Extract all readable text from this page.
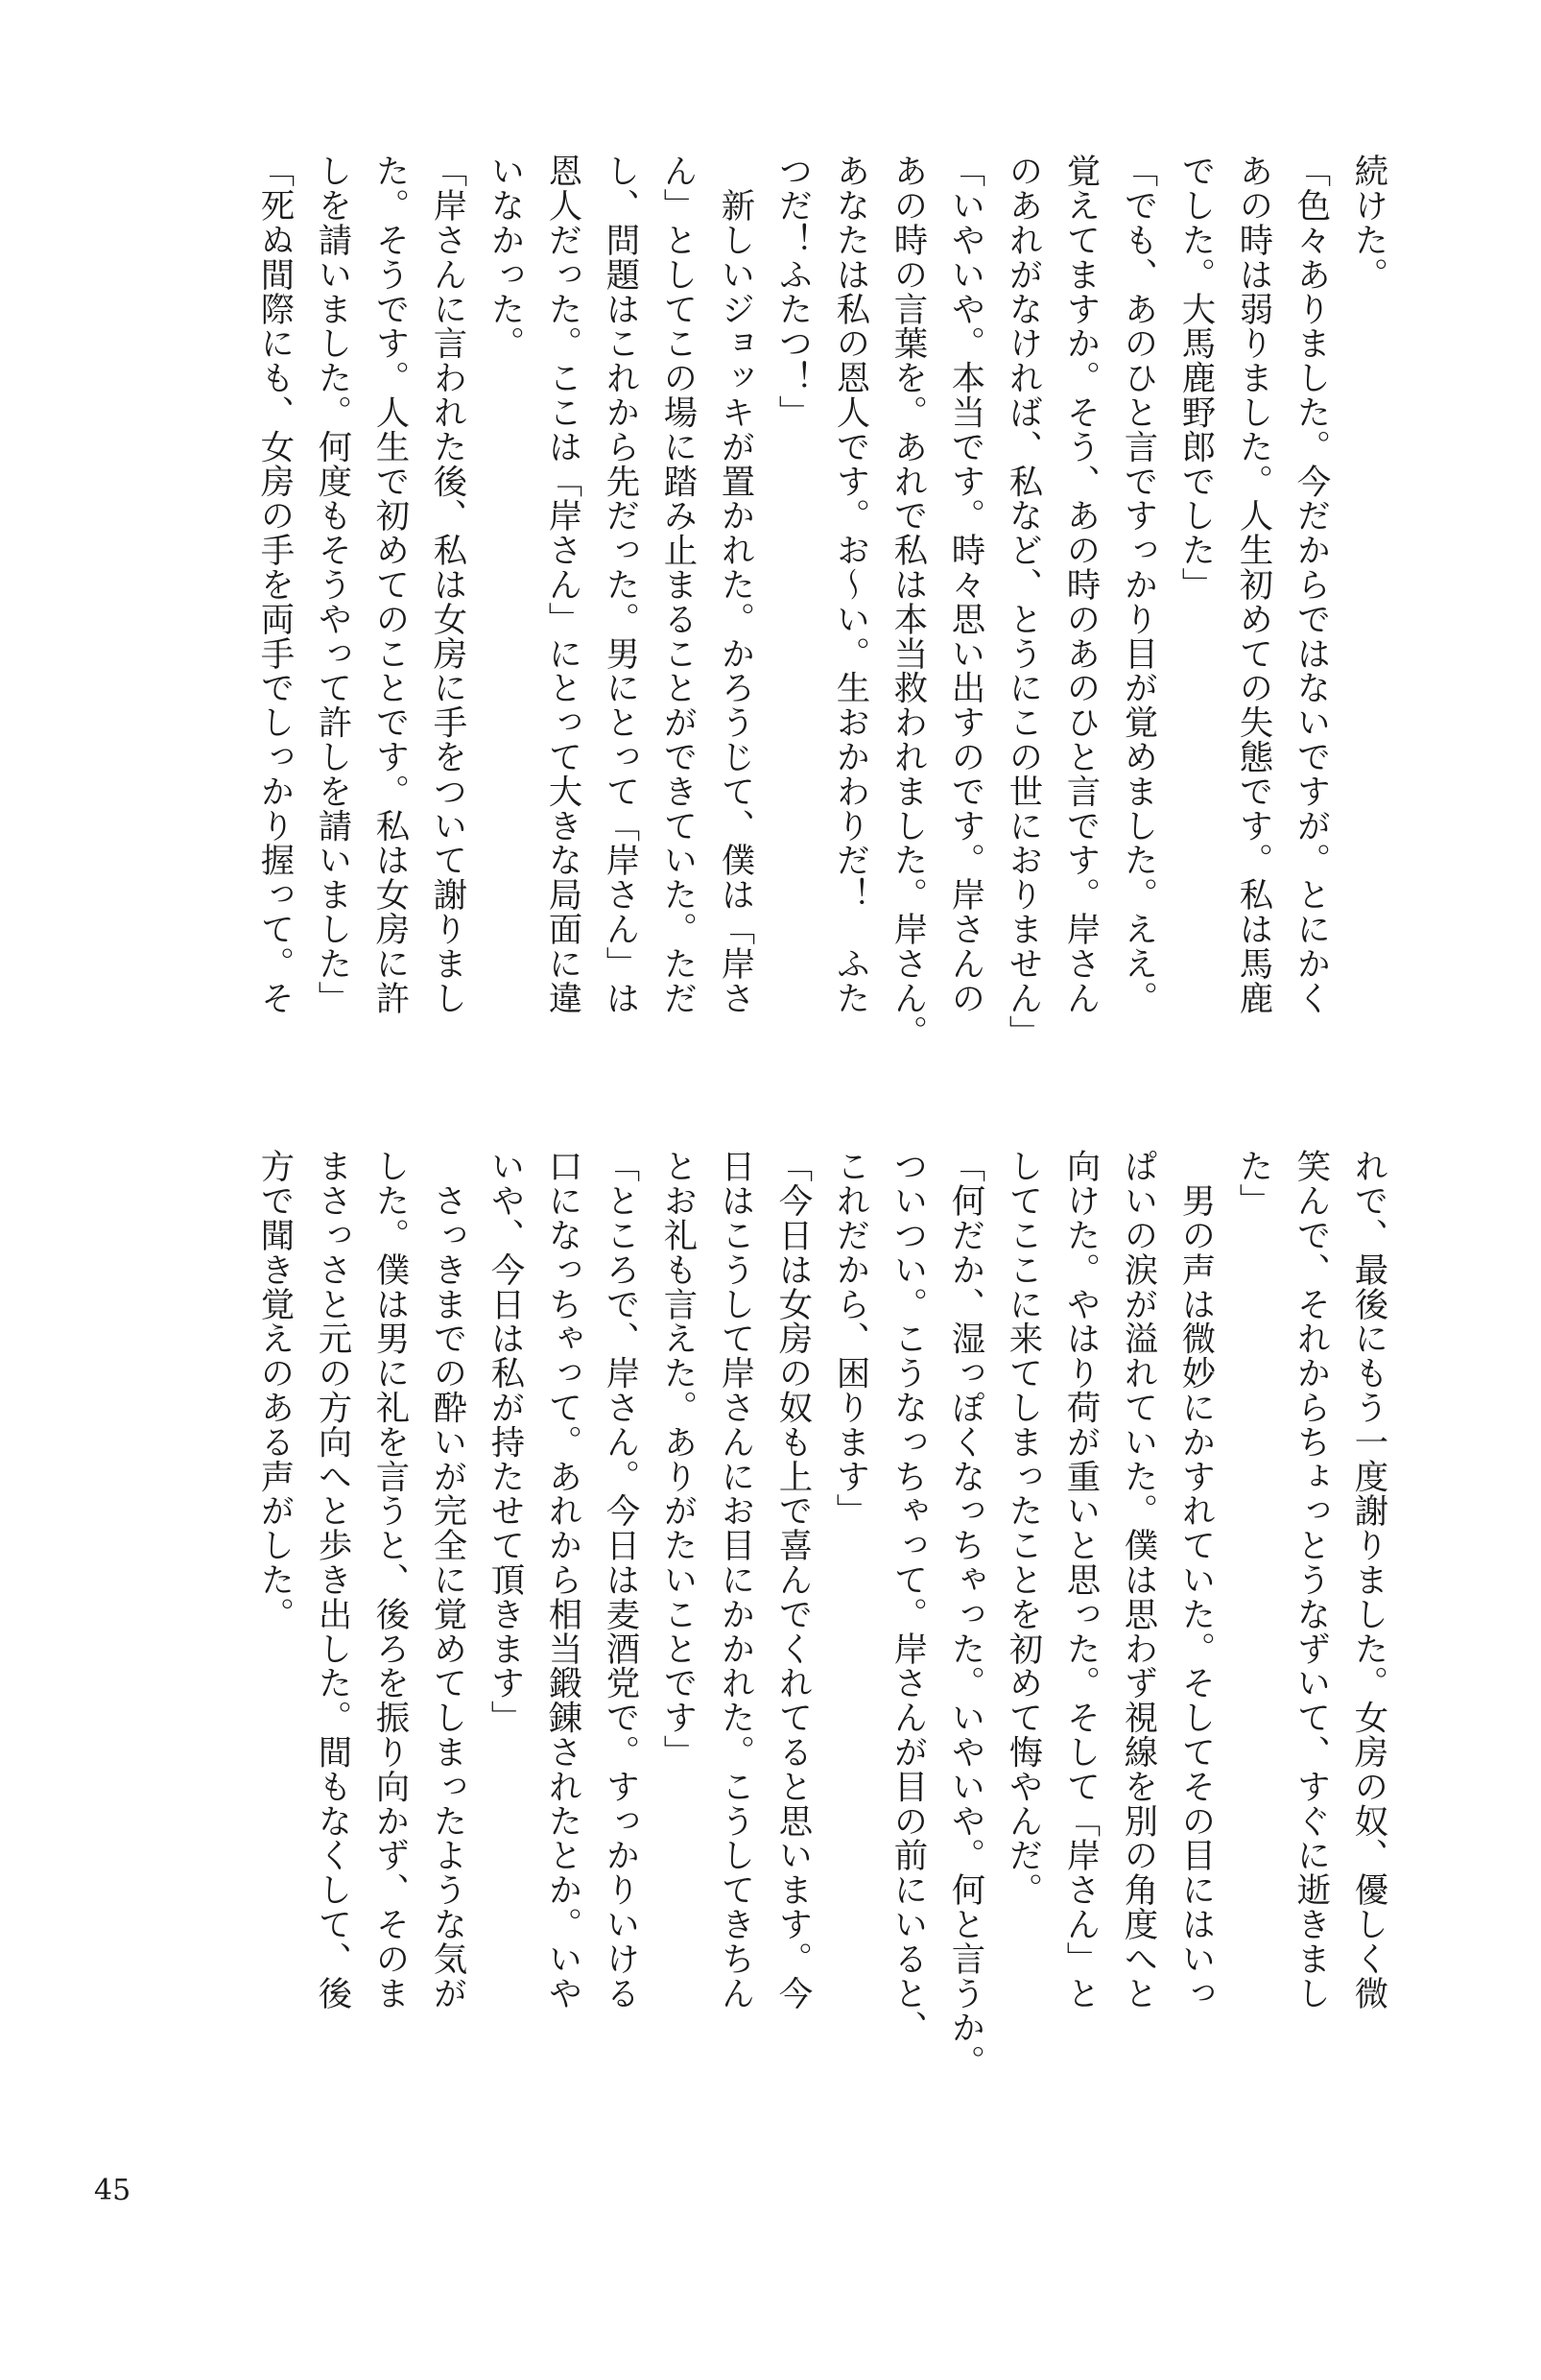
続けた。
「色々ありました。今だからではないですが。とにかく
あの時は弱りました。人生初めての失態です。私は馬鹿
でした。大馬鹿野郎でした」
「でも、あのひと言ですっかり目が覚めました。ええ。
覚えてますか。そう、あの時のあのひと言です。岸さん
のあれがなければ、私など、とうにこの世におりません」
「いやいや。本当です。時々思い出すのです。岸さんの
あの時の言葉を。あれで私は本当救われました。岸さん。
あなたは私の恩人です。お～い。生おかわりだ！　ふた
つだ！ふたつ！」
　新しいジョッキが置かれた。かろうじて、僕は「岸さ
ん」としてこの場に踏み止まることができていた。ただ
し、問題はこれから先だった。男にとって「岸さん」は
恩人だった。ここは「岸さん」にとって大きな局面に違
いなかった。
「岸さんに言われた後、私は女房に手をついて謝りまし
た。そうです。人生で初めてのことです。私は女房に許
しを請いました。何度もそうやって許しを請いました」
「死ぬ間際にも、女房の手を両手でしっかり握って。そ
れで、最後にもう一度謝りました。女房の奴、優しく微
笑んで、それからちょっとうなずいて、すぐに逝きまし
た」
　男の声は微妙にかすれていた。そしてその目にはいっ
ぱいの涙が溢れていた。僕は思わず視線を別の角度へと
向けた。やはり荷が重いと思った。そして「岸さん」と
してここに来てしまったことを初めて悔やんだ。
「何だか、湿っぽくなっちゃった。いやいや。何と言うか。
ついつい。こうなっちゃって。岸さんが目の前にいると、
これだから、困ります」
「今日は女房の奴も上で喜んでくれてると思います。今
日はこうして岸さんにお目にかかれた。こうしてきちん
とお礼も言えた。ありがたいことです」
「ところで、岸さん。今日は麦酒党で。すっかりいける
口になっちゃって。あれから相当鍛錬されたとか。いや
いや、今日は私が持たせて頂きます」
　さっきまでの酔いが完全に覚めてしまったような気が
した。僕は男に礼を言うと、後ろを振り向かず、そのま
まさっさと元の方向へと歩き出した。間もなくして、後
方で聞き覚えのある声がした。
45
